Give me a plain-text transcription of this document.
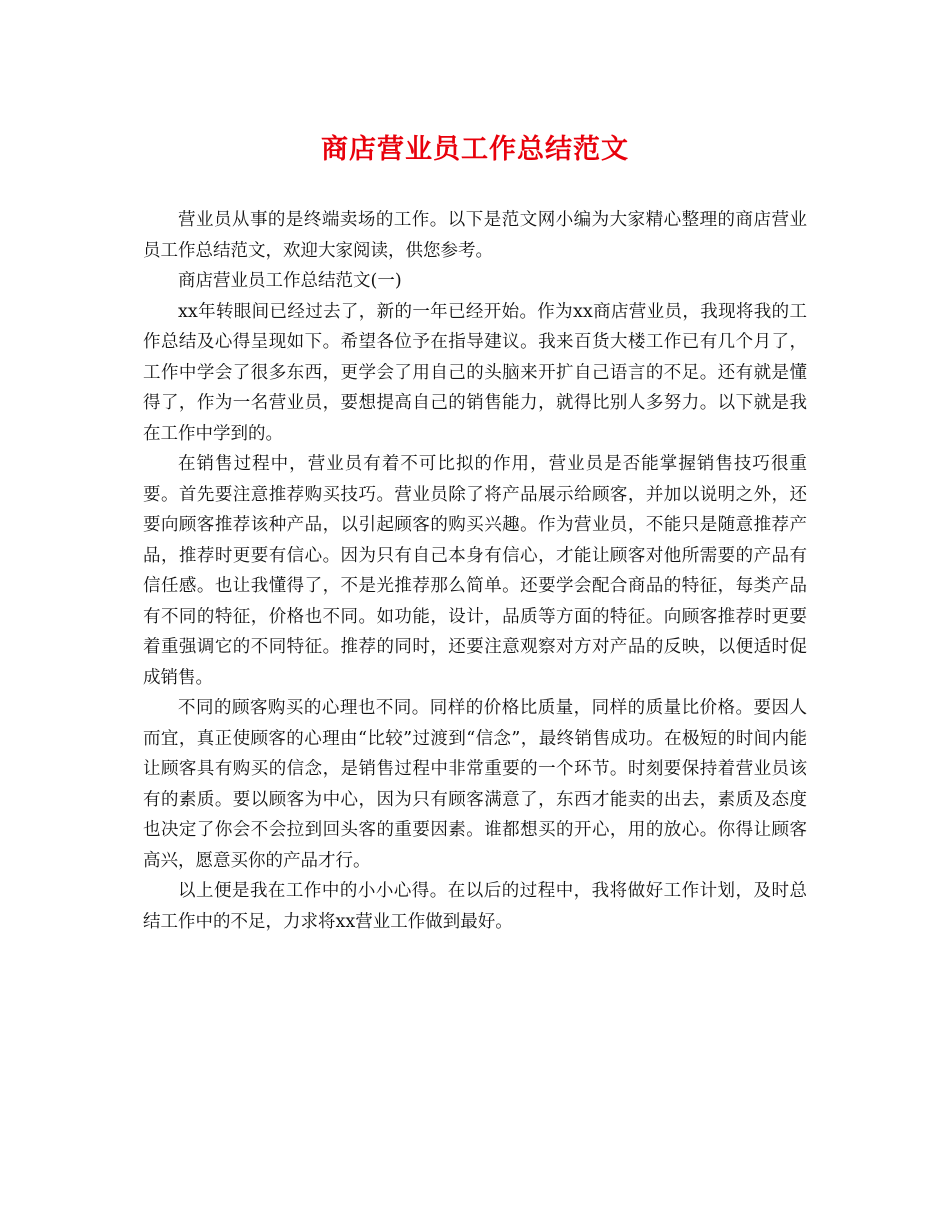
商店营业员工作总结范文

营业员从事的是终端卖场的工作。以下是范文网小编为大家精心整理的商店营业员工作总结范文，欢迎大家阅读，供您参考。

商店营业员工作总结范文(一)

xx年转眼间已经过去了，新的一年已经开始。作为xx商店营业员，我现将我的工作总结及心得呈现如下。希望各位予在指导建议。我来百货大楼工作已有几个月了，工作中学会了很多东西，更学会了用自己的头脑来开扩自己语言的不足。还有就是懂得了，作为一名营业员，要想提高自己的销售能力，就得比别人多努力。以下就是我在工作中学到的。

在销售过程中，营业员有着不可比拟的作用，营业员是否能掌握销售技巧很重要。首先要注意推荐购买技巧。营业员除了将产品展示给顾客，并加以说明之外，还要向顾客推荐该种产品，以引起顾客的购买兴趣。作为营业员，不能只是随意推荐产品，推荐时更要有信心。因为只有自己本身有信心，才能让顾客对他所需要的产品有信任感。也让我懂得了，不是光推荐那么简单。还要学会配合商品的特征，每类产品有不同的特征，价格也不同。如功能，设计，品质等方面的特征。向顾客推荐时更要着重强调它的不同特征。推荐的同时，还要注意观察对方对产品的反映，以便适时促成销售。

不同的顾客购买的心理也不同。同样的价格比质量，同样的质量比价格。要因人而宜，真正使顾客的心理由“比较”过渡到“信念”，最终销售成功。在极短的时间内能让顾客具有购买的信念，是销售过程中非常重要的一个环节。时刻要保持着营业员该有的素质。要以顾客为中心，因为只有顾客满意了，东西才能卖的出去，素质及态度也决定了你会不会拉到回头客的重要因素。谁都想买的开心，用的放心。你得让顾客高兴，愿意买你的产品才行。

以上便是我在工作中的小小心得。在以后的过程中，我将做好工作计划，及时总结工作中的不足，力求将xx营业工作做到最好。
